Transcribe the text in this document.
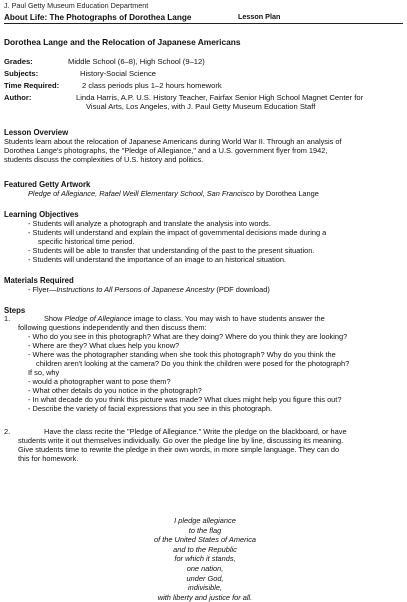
J. Paul Getty Museum Education Department
About Life: The Photographs of Dorothea Lange	Lesson Plan
Dorothea Lange and the Relocation of Japanese Americans
Grades:	Middle School (6–8), High School (9–12)
Subjects:	History-Social Science
Time Required:	2 class periods plus 1–2 hours homework
Author:	Linda Harris, A.P. U.S. History Teacher, Fairfax Senior High School Magnet Center for
Visual Arts, Los Angeles, with J. Paul Getty Museum Education Staff
Lesson Overview
Students learn about the relocation of Japanese Americans during World War II. Through an analysis of
Dorothea Lange's photographs, the "Pledge of Allegiance," and a U.S. government flyer from 1942,
students discuss the complexities of U.S. history and politics.
Featured Getty Artwork
Pledge of Allegiance, Rafael Weill Elementary School, San Francisco by Dorothea Lange
Learning Objectives
- Students will analyze a photograph and translate the analysis into words.
- Students will understand and explain the impact of governmental decisions made during a
specific historical time period.
- Students will be able to transfer that understanding of the past to the present situation.
- Students will understand the importance of an image to an historical situation.
Materials Required
- Flyer—Instructions to All Persons of Japanese Ancestry (PDF download)
Steps
1.	Show Pledge of Allegiance image to class. You may wish to have students answer the
following questions independently and then discuss them:
- Who do you see in this photograph? What are they doing? Where do you think they are looking?
- Where are they? What clues help you know?
- Where was the photographer standing when she took this photograph? Why do you think the
children aren't looking at the camera? Do you think the children were posed for the photograph?
If so, why
- would a photographer want to pose them?
- What other details do you notice in the photograph?
- In what decade do you think this picture was made? What clues might help you figure this out?
- Describe the variety of facial expressions that you see in this photograph.
2.	Have the class recite the "Pledge of Allegiance." Write the pledge on the blackboard, or have
students write it out themselves individually. Go over the pledge line by line, discussing its meaning.
Give students time to rewrite the pledge in their own words, in more simple language. They can do
this for homework.
I pledge allegiance
to the flag
of the United States of America
and to the Republic
for which it stands,
one nation,
under God,
indivisible,
with liberty and justice for all.
